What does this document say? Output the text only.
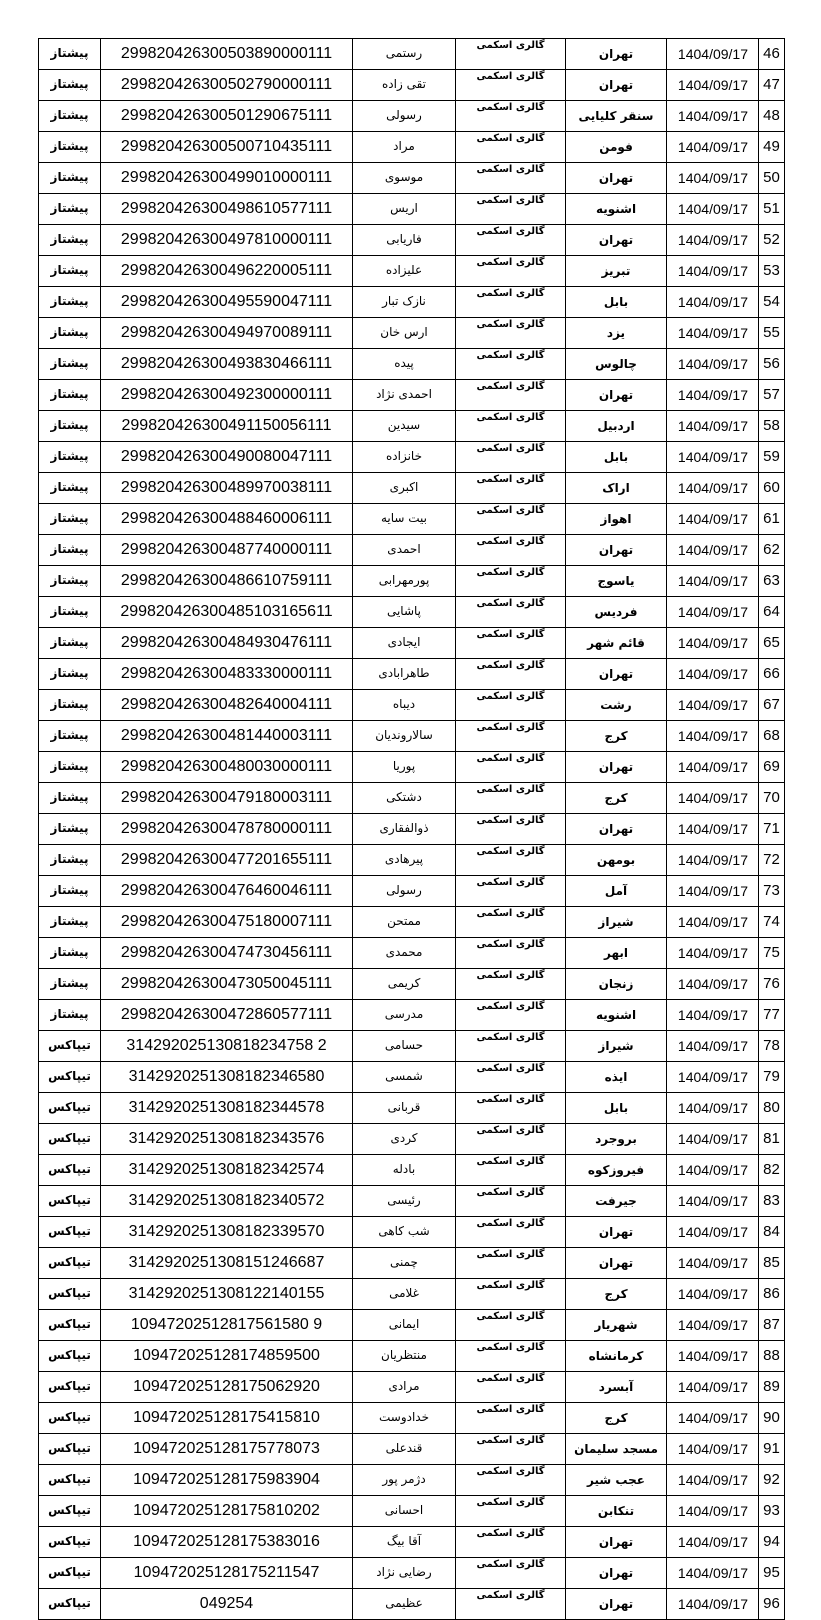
پیشتاز	299820426300503890000111	رستمی	گالری اسکمی	تهران	1404/09/17	46
پیشتاز	299820426300502790000111	تقی زاده	گالری اسکمی	تهران	1404/09/17	47
پیشتاز	299820426300501290675111	رسولی	گالری اسکمی	سنقر کلیایی	1404/09/17	48
پیشتاز	299820426300500710435111	مراد	گالری اسکمی	فومن	1404/09/17	49
پیشتاز	299820426300499010000111	موسوی	گالری اسکمی	تهران	1404/09/17	50
پیشتاز	299820426300498610577111	اریس	گالری اسکمی	اشنویه	1404/09/17	51
پیشتاز	299820426300497810000111	فاریابی	گالری اسکمی	تهران	1404/09/17	52
پیشتاز	299820426300496220005111	علیزاده	گالری اسکمی	تبریز	1404/09/17	53
پیشتاز	299820426300495590047111	نازک تبار	گالری اسکمی	بابل	1404/09/17	54
پیشتاز	299820426300494970089111	ارس خان	گالری اسکمی	یزد	1404/09/17	55
پیشتاز	299820426300493830466111	پیده	گالری اسکمی	چالوس	1404/09/17	56
پیشتاز	299820426300492300000111	احمدی نژاد	گالری اسکمی	تهران	1404/09/17	57
پیشتاز	299820426300491150056111	سیدین	گالری اسکمی	اردبیل	1404/09/17	58
پیشتاز	299820426300490080047111	خانزاده	گالری اسکمی	بابل	1404/09/17	59
پیشتاز	299820426300489970038111	اکبری	گالری اسکمی	اراک	1404/09/17	60
پیشتاز	299820426300488460006111	بیت سایه	گالری اسکمی	اهواز	1404/09/17	61
پیشتاز	299820426300487740000111	احمدی	گالری اسکمی	تهران	1404/09/17	62
پیشتاز	299820426300486610759111	پورمهرابی	گالری اسکمی	یاسوج	1404/09/17	63
پیشتاز	299820426300485103165611	پاشایی	گالری اسکمی	فردیس	1404/09/17	64
پیشتاز	299820426300484930476111	ایجادی	گالری اسکمی	قائم شهر	1404/09/17	65
پیشتاز	299820426300483330000111	طاهرابادی	گالری اسکمی	تهران	1404/09/17	66
پیشتاز	299820426300482640004111	دیباه	گالری اسکمی	رشت	1404/09/17	67
پیشتاز	299820426300481440003111	سالاروندیان	گالری اسکمی	کرج	1404/09/17	68
پیشتاز	299820426300480030000111	پوریا	گالری اسکمی	تهران	1404/09/17	69
پیشتاز	299820426300479180003111	دشتکی	گالری اسکمی	کرج	1404/09/17	70
پیشتاز	299820426300478780000111	ذوالفقاری	گالری اسکمی	تهران	1404/09/17	71
پیشتاز	299820426300477201655111	پیرهادی	گالری اسکمی	بومهن	1404/09/17	72
پیشتاز	299820426300476460046111	رسولی	گالری اسکمی	آمل	1404/09/17	73
پیشتاز	299820426300475180007111	ممتحن	گالری اسکمی	شیراز	1404/09/17	74
پیشتاز	299820426300474730456111	محمدی	گالری اسکمی	ابهر	1404/09/17	75
پیشتاز	299820426300473050045111	کریمی	گالری اسکمی	زنجان	1404/09/17	76
پیشتاز	299820426300472860577111	مدرسی	گالری اسکمی	اشنویه	1404/09/17	77
تیپاکس	314292025130818234758 2	حسامی	گالری اسکمی	شیراز	1404/09/17	78
تیپاکس	3142920251308182346580	شمسی	گالری اسکمی	ایذه	1404/09/17	79
تیپاکس	3142920251308182344578	قربانی	گالری اسکمی	بابل	1404/09/17	80
تیپاکس	3142920251308182343576	کردی	گالری اسکمی	بروجرد	1404/09/17	81
تیپاکس	3142920251308182342574	بادله	گالری اسکمی	فیروزکوه	1404/09/17	82
تیپاکس	3142920251308182340572	رئیسی	گالری اسکمی	جیرفت	1404/09/17	83
تیپاکس	3142920251308182339570	شب کاهی	گالری اسکمی	تهران	1404/09/17	84
تیپاکس	3142920251308151246687	چمنی	گالری اسکمی	تهران	1404/09/17	85
تیپاکس	3142920251308122140155	غلامی	گالری اسکمی	کرج	1404/09/17	86
تیپاکس	10947202512817561580 9	ایمانی	گالری اسکمی	شهریار	1404/09/17	87
تیپاکس	109472025128174859500	منتظریان	گالری اسکمی	کرمانشاه	1404/09/17	88
تیپاکس	109472025128175062920	مرادی	گالری اسکمی	آبسرد	1404/09/17	89
تیپاکس	109472025128175415810	خدادوست	گالری اسکمی	کرج	1404/09/17	90
تیپاکس	109472025128175778073	قندعلی	گالری اسکمی	مسجد سلیمان	1404/09/17	91
تیپاکس	109472025128175983904	دژمر پور	گالری اسکمی	عجب شیر	1404/09/17	92
تیپاکس	109472025128175810202	احسانی	گالری اسکمی	تنکابن	1404/09/17	93
تیپاکس	109472025128175383016	آقا بیگ	گالری اسکمی	تهران	1404/09/17	94
تیپاکس	109472025128175211547	رضایی نژاد	گالری اسکمی	تهران	1404/09/17	95
تیپاکس	049254	عظیمی	گالری اسکمی	تهران	1404/09/17	96
